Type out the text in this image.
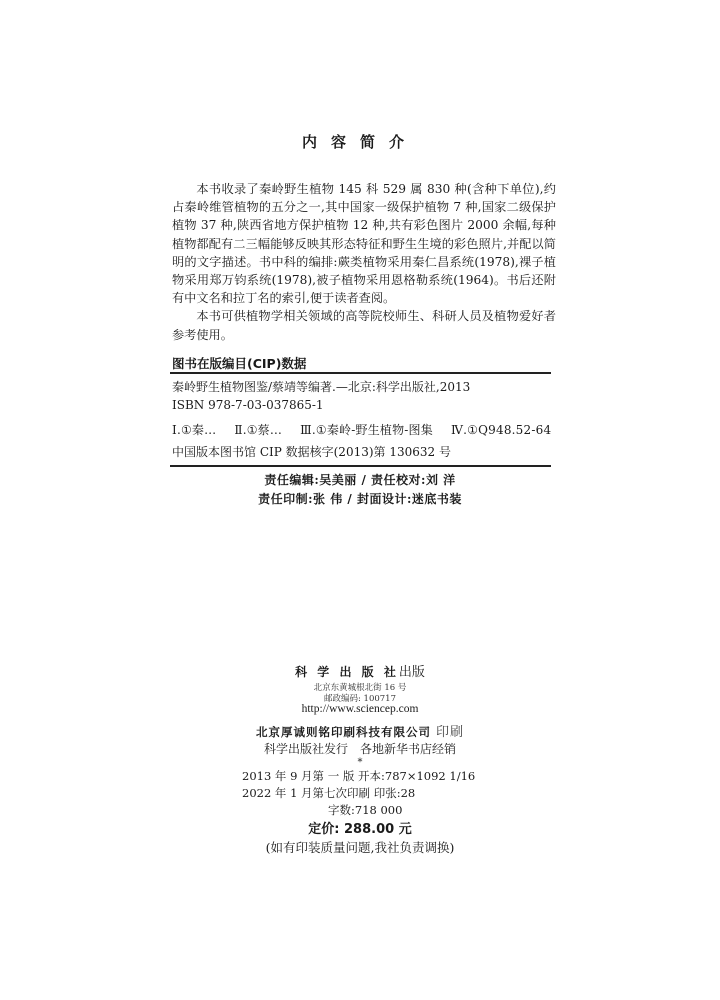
内容简介

本书收录了秦岭野生植物 145 科 529 属 830 种(含种下单位),约占秦岭维管植物的五分之一,其中国家一级保护植物 7 种,国家二级保护植物 37 种,陕西省地方保护植物 12 种,共有彩色图片 2000 余幅,每种植物都配有二三幅能够反映其形态特征和野生生境的彩色照片,并配以简明的文字描述。书中科的编排:蕨类植物采用秦仁昌系统(1978),裸子植物采用郑万钧系统(1978),被子植物采用恩格勒系统(1964)。书后还附有中文名和拉丁名的索引,便于读者查阅。

本书可供植物学相关领域的高等院校师生、科研人员及植物爱好者参考使用。

图书在版编目(CIP)数据
秦岭野生植物图鉴/蔡靖等编著.—北京:科学出版社,2013
ISBN 978-7-03-037865-1
Ⅰ.①秦… Ⅱ.①蔡… Ⅲ.①秦岭-野生植物-图集 Ⅳ.①Q948.52-64
中国版本图书馆 CIP 数据核字(2013)第 130632 号
责任编辑:吴美丽 / 责任校对:刘 洋
责任印制:张 伟 / 封面设计:迷底书装
科 学 出 版 社出版
北京东黄城根北街 16 号
邮政编码: 100717
http://www.sciencep.com
北京厚诚则铭印刷科技有限公司 印刷
科学出版社发行　各地新华书店经销
*
2013 年 9 月第 一 版 开本:787×1092 1/16
2022 年 1 月第七次印刷 印张:28
字数:718 000
定价: 288.00 元
(如有印装质量问题,我社负责调换)
